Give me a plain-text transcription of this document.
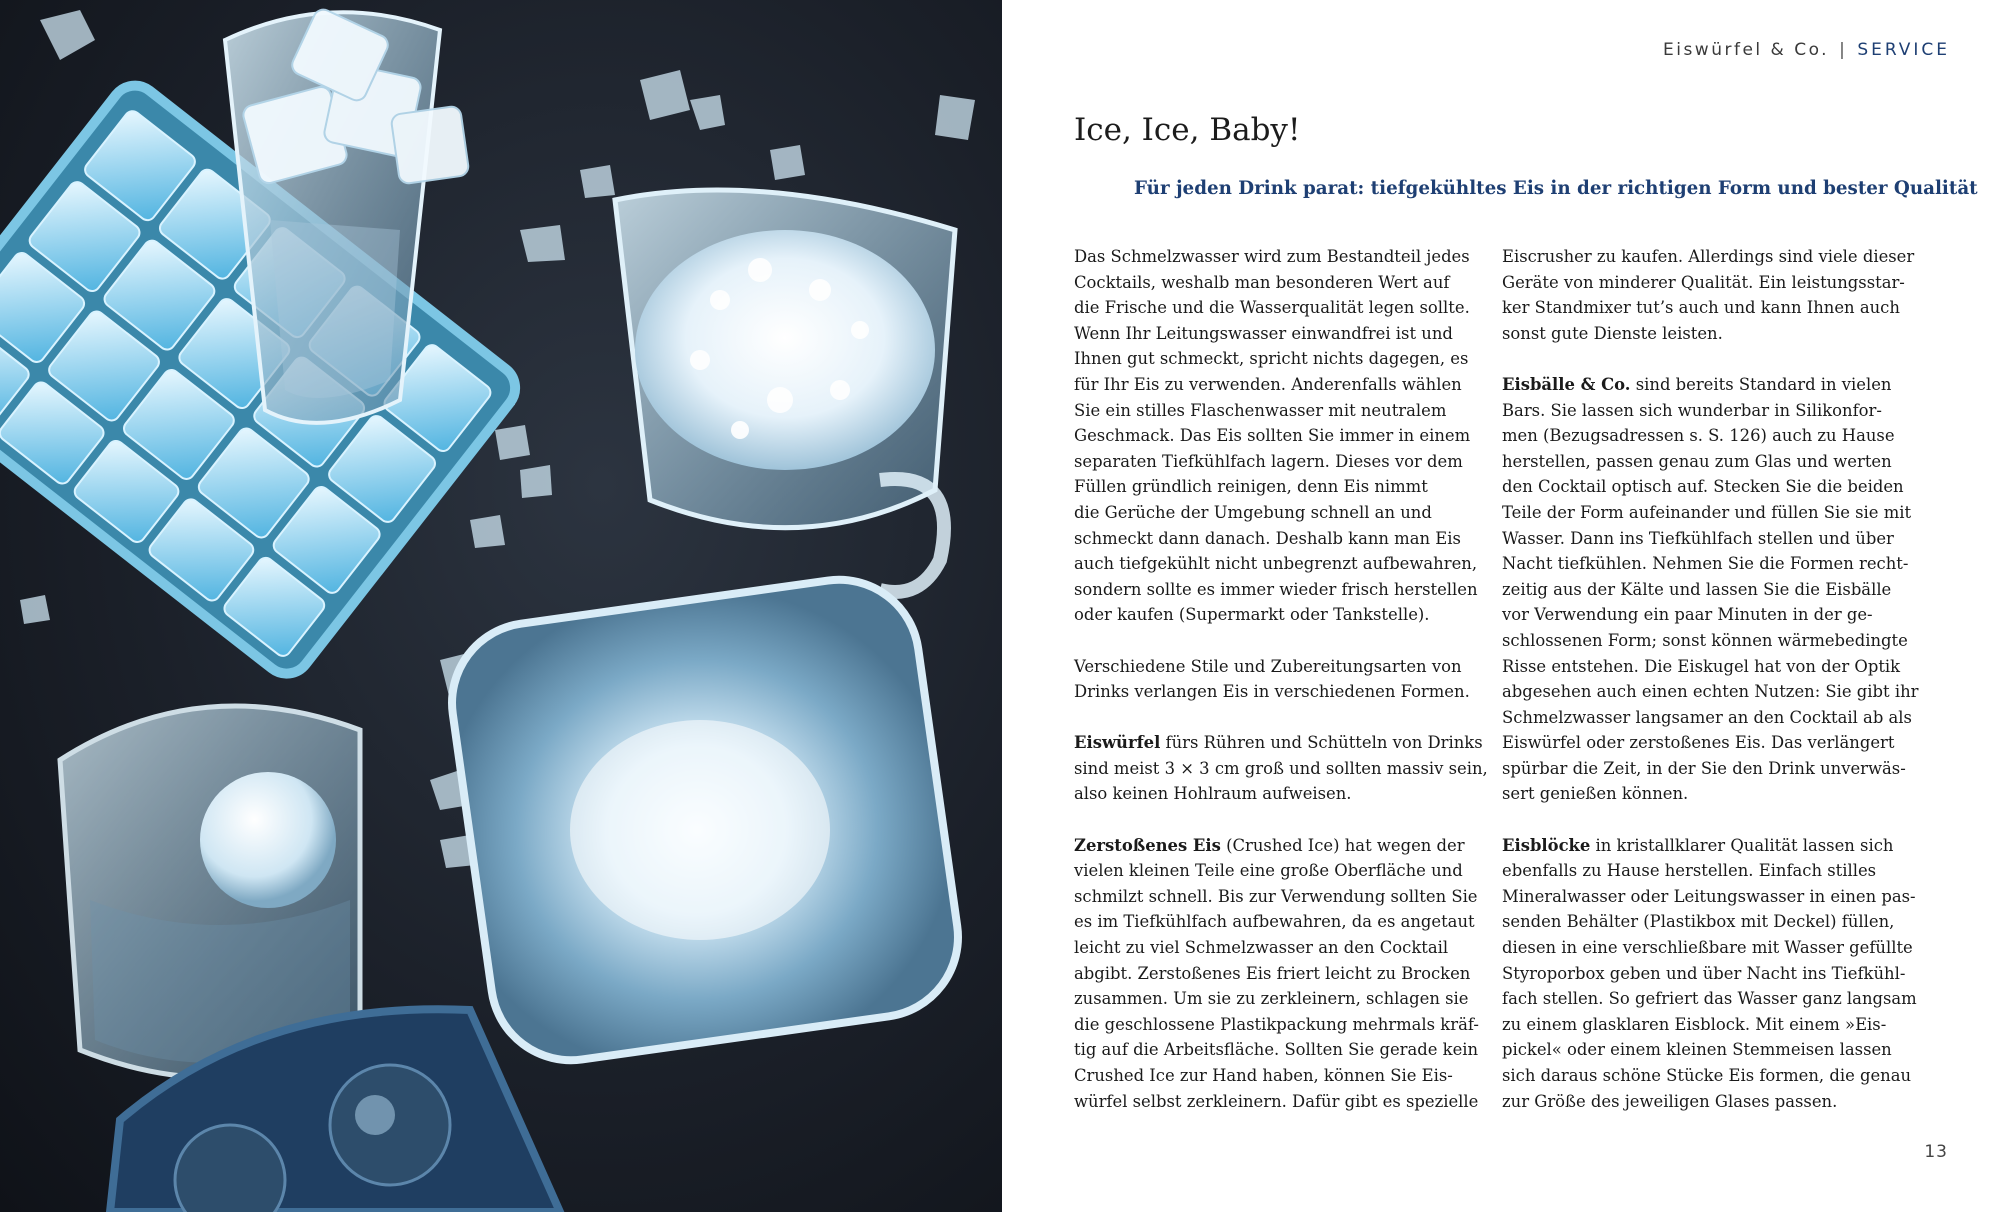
Eiswürfel & Co. | SERVICE
Ice, Ice, Baby!
Für jeden Drink parat: tiefgekühltes Eis in der richtigen Form und bester Qualität
Das Schmelzwasser wird zum Bestandteil jedes
Cocktails, weshalb man besonderen Wert auf
die Frische und die Wasserqualität legen sollte.
Wenn Ihr Leitungswasser einwandfrei ist und
Ihnen gut schmeckt, spricht nichts dagegen, es
für Ihr Eis zu verwenden. Anderenfalls wählen
Sie ein stilles Flaschenwasser mit neutralem
Geschmack. Das Eis sollten Sie immer in einem
separaten Tiefkühlfach lagern. Dieses vor dem
Füllen gründlich reinigen, denn Eis nimmt
die Gerüche der Umgebung schnell an und
schmeckt dann danach. Deshalb kann man Eis
auch tiefgekühlt nicht unbegrenzt aufbewahren,
sondern sollte es immer wieder frisch herstellen
oder kaufen (Supermarkt oder Tankstelle).
Verschiedene Stile und Zubereitungsarten von
Drinks verlangen Eis in verschiedenen Formen.
Eiswürfel fürs Rühren und Schütteln von Drinks
sind meist 3 × 3 cm groß und sollten massiv sein,
also keinen Hohlraum aufweisen.
Zerstoßenes Eis (Crushed Ice) hat wegen der
vielen kleinen Teile eine große Oberfläche und
schmilzt schnell. Bis zur Verwendung sollten Sie
es im Tiefkühlfach aufbewahren, da es angetaut
leicht zu viel Schmelzwasser an den Cocktail
abgibt. Zerstoßenes Eis friert leicht zu Brocken
zusammen. Um sie zu zerkleinern, schlagen sie
die geschlossene Plastikpackung mehrmals kräf-
tig auf die Arbeitsfläche. Sollten Sie gerade kein
Crushed Ice zur Hand haben, können Sie Eis-
würfel selbst zerkleinern. Dafür gibt es spezielle
Eiscrusher zu kaufen. Allerdings sind viele dieser
Geräte von minderer Qualität. Ein leistungsstar-
ker Standmixer tut’s auch und kann Ihnen auch
sonst gute Dienste leisten.
Eisbälle & Co. sind bereits Standard in vielen
Bars. Sie lassen sich wunderbar in Silikonfor-
men (Bezugsadressen s. S. 126) auch zu Hause
herstellen, passen genau zum Glas und werten
den Cocktail optisch auf. Stecken Sie die beiden
Teile der Form aufeinander und füllen Sie sie mit
Wasser. Dann ins Tiefkühlfach stellen und über
Nacht tiefkühlen. Nehmen Sie die Formen recht-
zeitig aus der Kälte und lassen Sie die Eisbälle
vor Verwendung ein paar Minuten in der ge-
schlossenen Form; sonst können wärmebedingte
Risse entstehen. Die Eiskugel hat von der Optik
abgesehen auch einen echten Nutzen: Sie gibt ihr
Schmelzwasser langsamer an den Cocktail ab als
Eiswürfel oder zerstoßenes Eis. Das verlängert
spürbar die Zeit, in der Sie den Drink unverwäs-
sert genießen können.
Eisblöcke in kristallklarer Qualität lassen sich
ebenfalls zu Hause herstellen. Einfach stilles
Mineralwasser oder Leitungswasser in einen pas-
senden Behälter (Plastikbox mit Deckel) füllen,
diesen in eine verschließbare mit Wasser gefüllte
Styroporbox geben und über Nacht ins Tiefkühl-
fach stellen. So gefriert das Wasser ganz langsam
zu einem glasklaren Eisblock. Mit einem »Eis-
pickel« oder einem kleinen Stemmeisen lassen
sich daraus schöne Stücke Eis formen, die genau
zur Größe des jeweiligen Glases passen.
13
